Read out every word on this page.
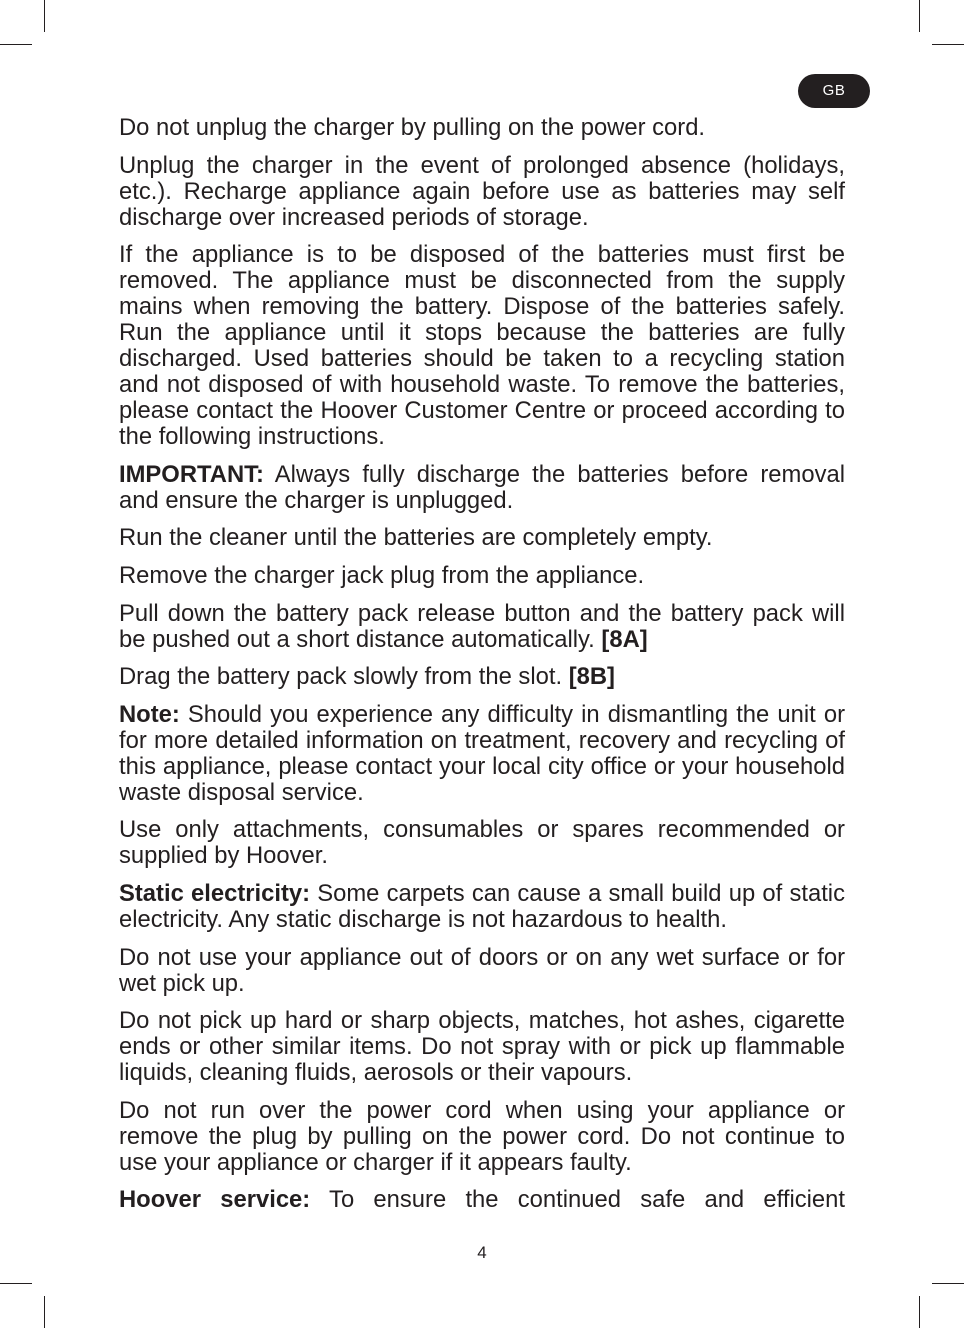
GB

Do not unplug the charger by pulling on the power cord.

Unplug the charger in the event of prolonged absence (holidays, etc.). Recharge appliance again before use as batteries may self discharge over increased periods of storage.

If the appliance is to be disposed of the batteries must first be removed. The appliance must be disconnected from the supply mains when removing the battery. Dispose of the batteries safely. Run the appliance until it stops because the batteries are fully discharged. Used batteries should be taken to a recycling station and not disposed of with household waste. To remove the batteries, please contact the Hoover Customer Centre or proceed according to the following instructions.

IMPORTANT: Always fully discharge the batteries before removal and ensure the charger is unplugged.

Run the cleaner until the batteries are completely empty.

Remove the charger jack plug from the appliance.

Pull down the battery pack release button and the battery pack will be pushed out a short distance automatically. [8A]

Drag the battery pack slowly from the slot. [8B]

Note: Should you experience any difficulty in dismantling the unit or for more detailed information on treatment, recovery and recycling of this appliance, please contact your local city office or your household waste disposal service.

Use only attachments, consumables or spares recommended or supplied by Hoover.

Static electricity: Some carpets can cause a small build up of static electricity. Any static discharge is not hazardous to health.

Do not use your appliance out of doors or on any wet surface or for wet pick up.

Do not pick up hard or sharp objects, matches, hot ashes, cigarette ends or other similar items. Do not spray with or pick up flammable liquids, cleaning fluids, aerosols or their vapours.

Do not run over the power cord when using your appliance or remove the plug by pulling on the power cord. Do not continue to use your appliance or charger if it appears faulty.

Hoover service: To ensure the continued safe and efficient

4
